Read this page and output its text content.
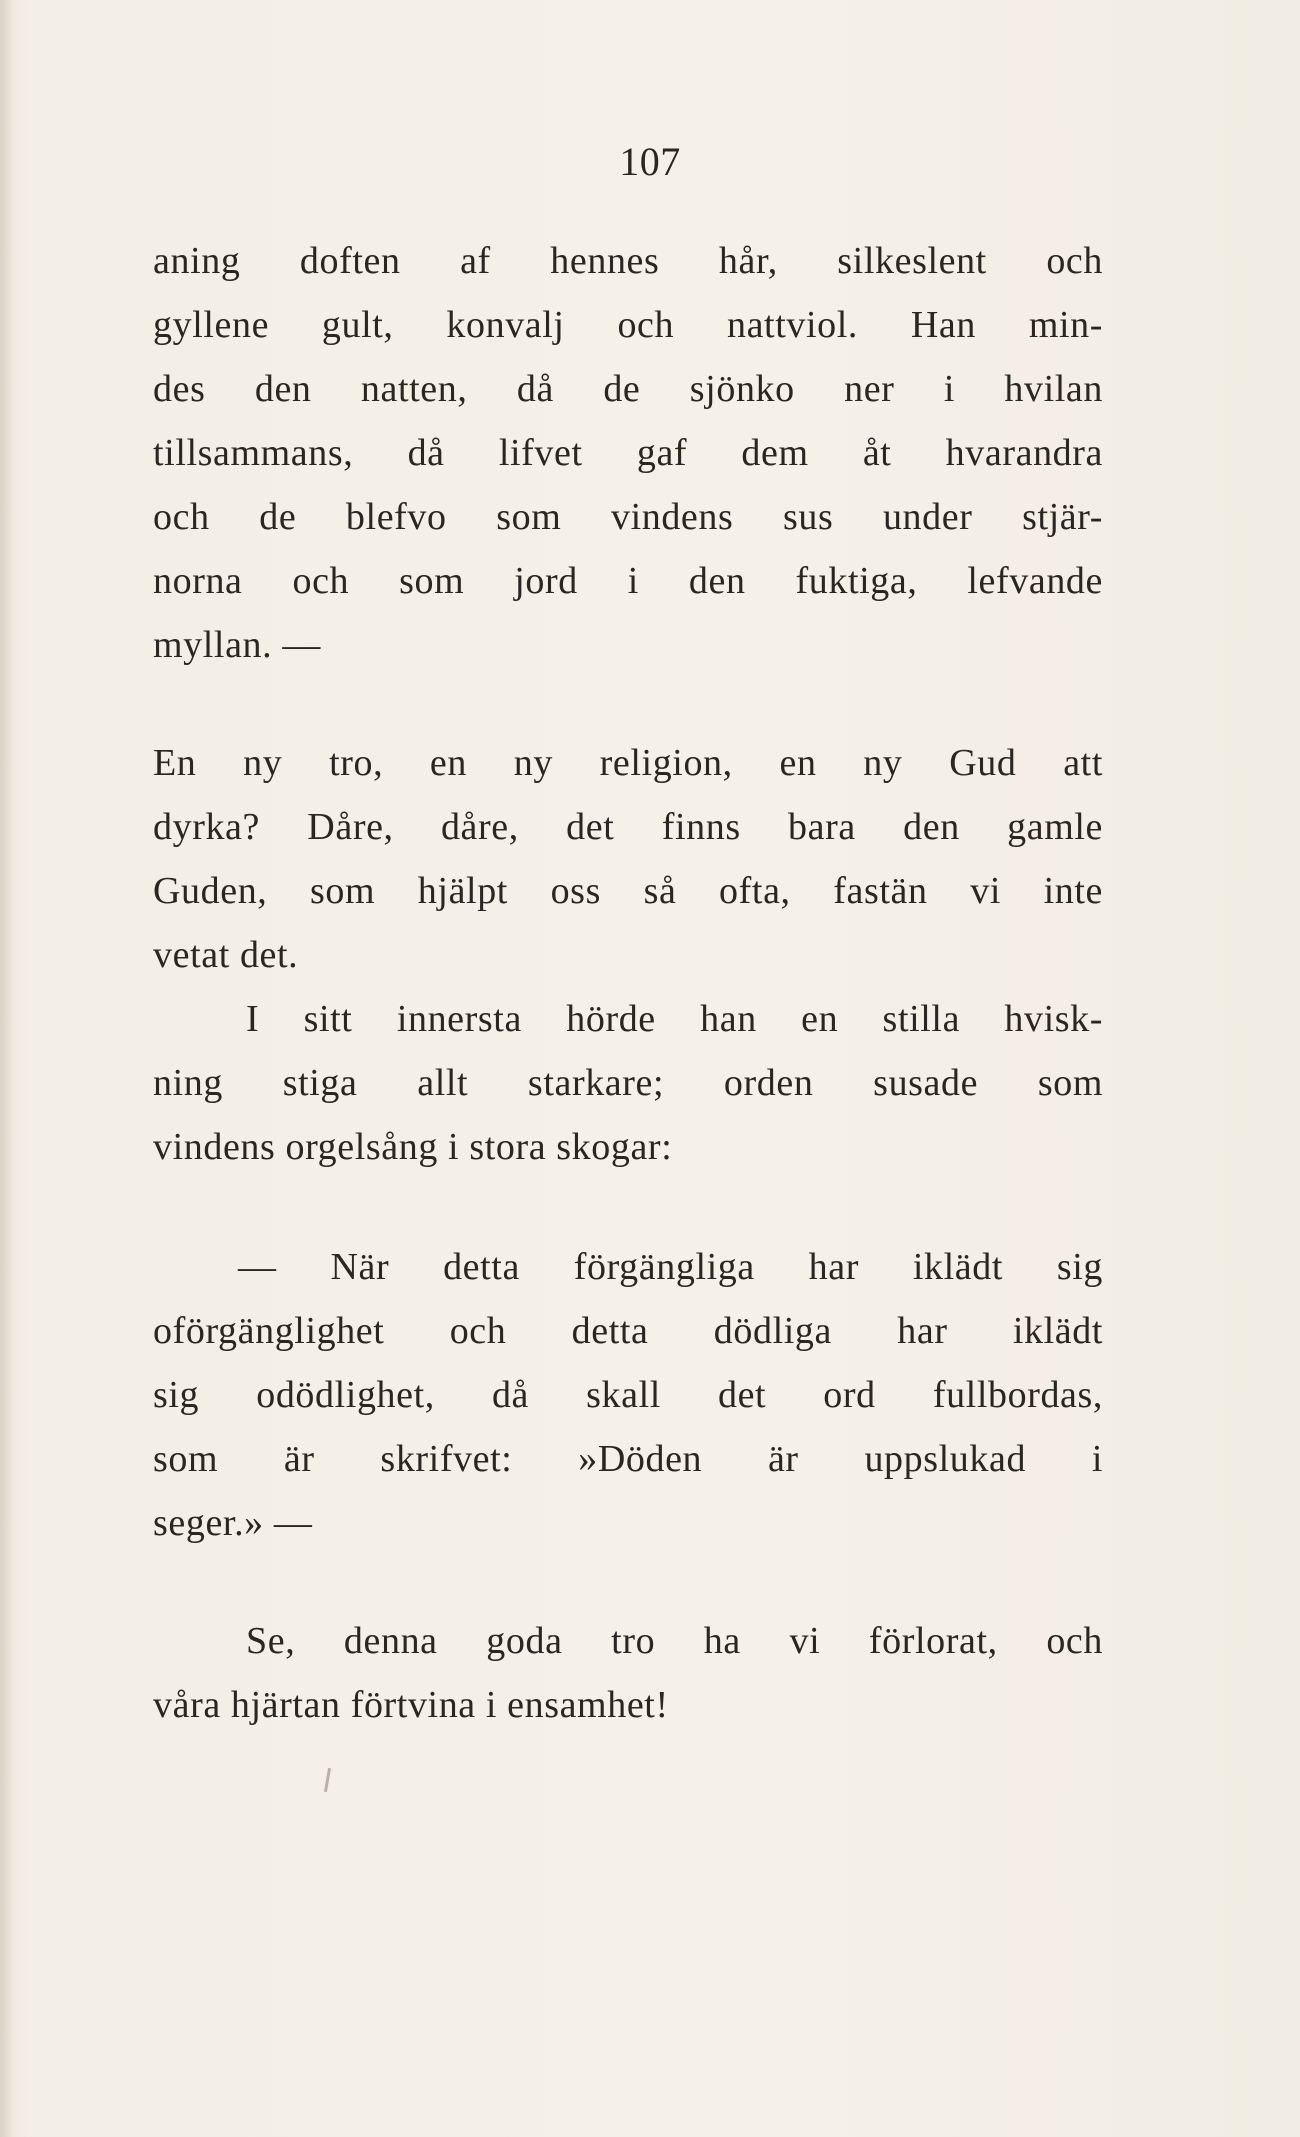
107
aning doften af hennes hår, silkeslent och
gyllene gult, konvalj och nattviol. Han min-
des den natten, då de sjönko ner i hvilan
tillsammans, då lifvet gaf dem åt hvarandra
och de blefvo som vindens sus under stjär-
norna och som jord i den fuktiga, lefvande
myllan. —
En ny tro, en ny religion, en ny Gud att
dyrka? Dåre, dåre, det finns bara den gamle
Guden, som hjälpt oss så ofta, fastän vi inte
vetat det.
I sitt innersta hörde han en stilla hvisk-
ning stiga allt starkare; orden susade som
vindens orgelsång i stora skogar:
— När detta förgängliga har iklädt sig
oförgänglighet och detta dödliga har iklädt
sig odödlighet, då skall det ord fullbordas,
som är skrifvet: »Döden är uppslukad i
seger.» —
Se, denna goda tro ha vi förlorat, och
våra hjärtan förtvina i ensamhet!
